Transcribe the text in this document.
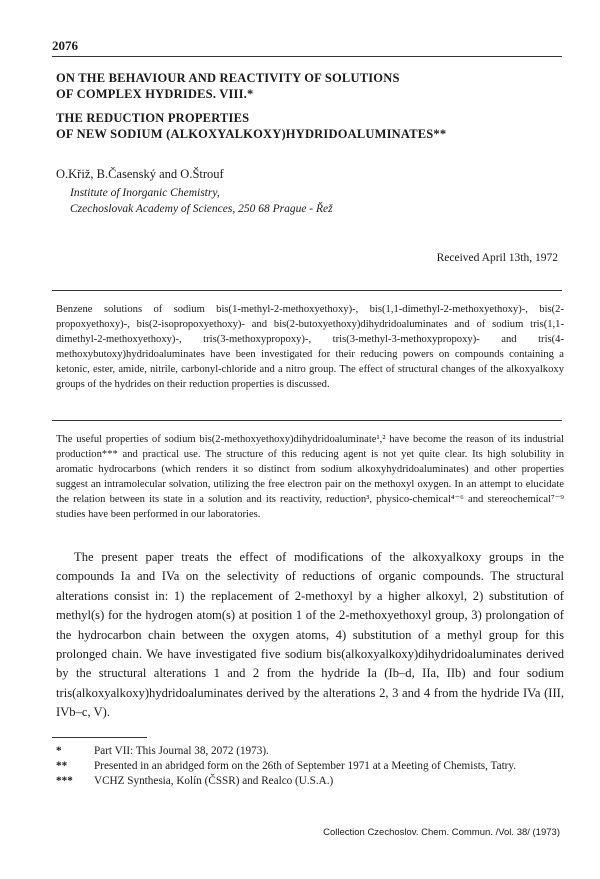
2076
ON THE BEHAVIOUR AND REACTIVITY OF SOLUTIONS
OF COMPLEX HYDRIDES. VIII.*
THE REDUCTION PROPERTIES
OF NEW SODIUM (ALKOXYALKOXY)HYDRIDOALUMINATES**
O.Křiž, B.Časenský and O.Štrouf
Institute of Inorganic Chemistry,
Czechoslovak Academy of Sciences, 250 68 Prague - Řež
Received April 13th, 1972
Benzene solutions of sodium bis(1-methyl-2-methoxyethoxy)-, bis(1,1-dimethyl-2-methoxyethoxy)-, bis(2-propoxyethoxy)-, bis(2-isopropoxyethoxy)- and bis(2-butoxyethoxy)dihydridoaluminates and of sodium tris(1,1-dimethyl-2-methoxyethoxy)-, tris(3-methoxypropoxy)-, tris(3-methyl-3-methoxypropoxy)- and tris(4-methoxybutoxy)hydridoaluminates have been investigated for their reducing powers on compounds containing a ketonic, ester, amide, nitrile, carbonyl-chloride and a nitro group. The effect of structural changes of the alkoxyalkoxy groups of the hydrides on their reduction properties is discussed.
The useful properties of sodium bis(2-methoxyethoxy)dihydridoaluminate¹,² have become the reason of its industrial production*** and practical use. The structure of this reducing agent is not yet quite clear. Its high solubility in aromatic hydrocarbons (which renders it so distinct from sodium alkoxyhydridoaluminates) and other properties suggest an intramolecular solvation, utilizing the free electron pair on the methoxyl oxygen. In an attempt to elucidate the relation between its state in a solution and its reactivity, reduction³, physico-chemical⁴⁻⁶ and stereochemical⁷⁻⁹ studies have been performed in our laboratories.
The present paper treats the effect of modifications of the alkoxyalkoxy groups in the compounds Ia and IVa on the selectivity of reductions of organic compounds. The structural alterations consist in: 1) the replacement of 2-methoxyl by a higher alkoxyl, 2) substitution of methyl(s) for the hydrogen atom(s) at position 1 of the 2-methoxyethoxyl group, 3) prolongation of the hydrocarbon chain between the oxygen atoms, 4) substitution of a methyl group for this prolonged chain. We have investigated five sodium bis(alkoxyalkoxy)dihydridoaluminates derived by the structural alterations 1 and 2 from the hydride Ia (Ib–d, IIa, IIb) and four sodium tris(alkoxyalkoxy)hydridoaluminates derived by the alterations 2, 3 and 4 from the hydride IVa (III, IVb–c, V).
*	Part VII: This Journal 38, 2072 (1973).
**	Presented in an abridged form on the 26th of September 1971 at a Meeting of Chemists, Tatry.
***	VCHZ Synthesia, Kolín (ČSSR) and Realco (U.S.A.)
Collection Czechoslov. Chem. Commun. /Vol. 38/ (1973)
